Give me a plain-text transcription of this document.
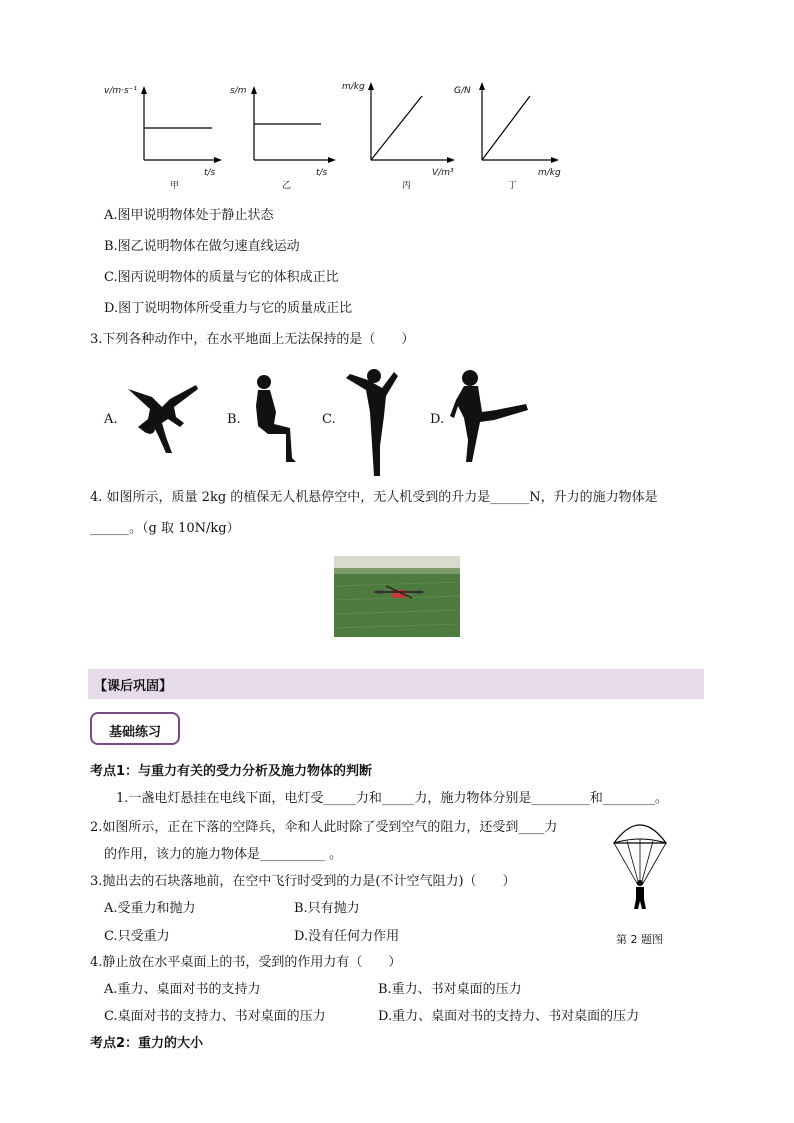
v/m·s⁻¹
t/s
甲
s/m
t/s
乙
m/kg
V/m³
丙
G/N
m/kg
丁
A.图甲说明物体处于静止状态
B.图乙说明物体在做匀速直线运动
C.图丙说明物体的质量与它的体积成正比
D.图丁说明物体所受重力与它的质量成正比
3.下列各种动作中，在水平地面上无法保持的是（　　）
A.	B.	C.	D.
4. 如图所示，质量 2kg 的植保无人机悬停空中，无人机受到的升力是______N，升力的施力物体是
______。（g 取 10N/kg）
【课后巩固】
基础练习
考点1：与重力有关的受力分析及施力物体的判断
1.一盏电灯悬挂在电线下面，电灯受_____力和_____力，施力物体分别是_________和________。
2.如图所示，正在下落的空降兵，伞和人此时除了受到空气的阻力，还受到____力
的作用，该力的施力物体是__________ 。
第 2 题图
3.抛出去的石块落地前，在空中飞行时受到的力是(不计空气阻力)（　　）
A.受重力和抛力	B.只有抛力
C.只受重力	D.没有任何力作用
4.静止放在水平桌面上的书，受到的作用力有（　　）
A.重力、桌面对书的支持力	B.重力、书对桌面的压力
C.桌面对书的支持力、书对桌面的压力	D.重力、桌面对书的支持力、书对桌面的压力
考点2：重力的大小
